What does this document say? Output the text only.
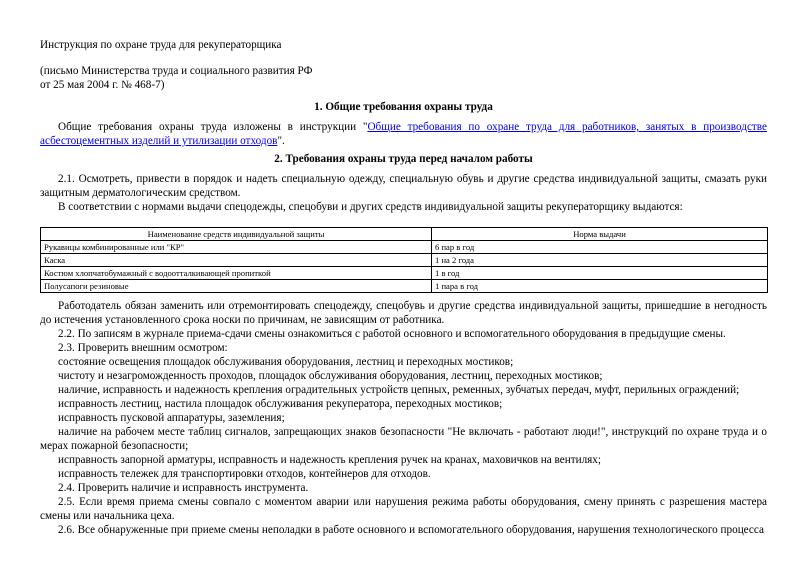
Инструкция по охране труда для рекуператорщика
(письмо Министерства труда и социального развития РФ
от 25 мая 2004 г. № 468-7)
1. Общие требования охраны труда
Общие требования охраны труда изложены в инструкции "Общие требования по охране труда для работников, занятых в производстве асбестоцементных изделий и утилизации отходов".
2. Требования охраны труда перед началом работы
2.1. Осмотреть, привести в порядок и надеть специальную одежду, специальную обувь и другие средства индивидуальной защиты, смазать руки защитным дерматологическим средством.
В соответствии с нормами выдачи спецодежды, спецобуви и других средств индивидуальной защиты рекуператорщику выдаются:
Наименование средств индивидуальной защиты	Норма выдачи
Рукавицы комбинированные или "КР"	6 пар в год
Каска	1 на 2 года
Костюм хлопчатобумажный с водоотталкивающей пропиткой	1 в год
Полусапоги резиновые	1 пара в год
Работодатель обязан заменить или отремонтировать спецодежду, спецобувь и другие средства индивидуальной защиты, пришедшие в негодность до истечения установленного срока носки по причинам, не зависящим от работника.
2.2. По записям в журнале приема-сдачи смены ознакомиться с работой основного и вспомогательного оборудования в предыдущие смены.
2.3. Проверить внешним осмотром:
состояние освещения площадок обслуживания оборудования, лестниц и переходных мостиков;
чистоту и незагроможденность проходов, площадок обслуживания оборудования, лестниц, переходных мостиков;
наличие, исправность и надежность крепления оградительных устройств цепных, ременных, зубчатых передач, муфт, перильных ограждений;
исправность лестниц, настила площадок обслуживания рекуператора, переходных мостиков;
исправность пусковой аппаратуры, заземления;
наличие на рабочем месте таблиц сигналов, запрещающих знаков безопасности "Не включать - работают люди!", инструкций по охране труда и о мерах пожарной безопасности;
исправность запорной арматуры, исправность и надежность крепления ручек на кранах, маховичков на вентилях;
исправность тележек для транспортировки отходов, контейнеров для отходов.
2.4. Проверить наличие и исправность инструмента.
2.5. Если время приема смены совпало с моментом аварии или нарушения режима работы оборудования, смену принять с разрешения мастера смены или начальника цеха.
2.6. Все обнаруженные при приеме смены неполадки в работе основного и вспомогательного оборудования, нарушения технологического процесса
